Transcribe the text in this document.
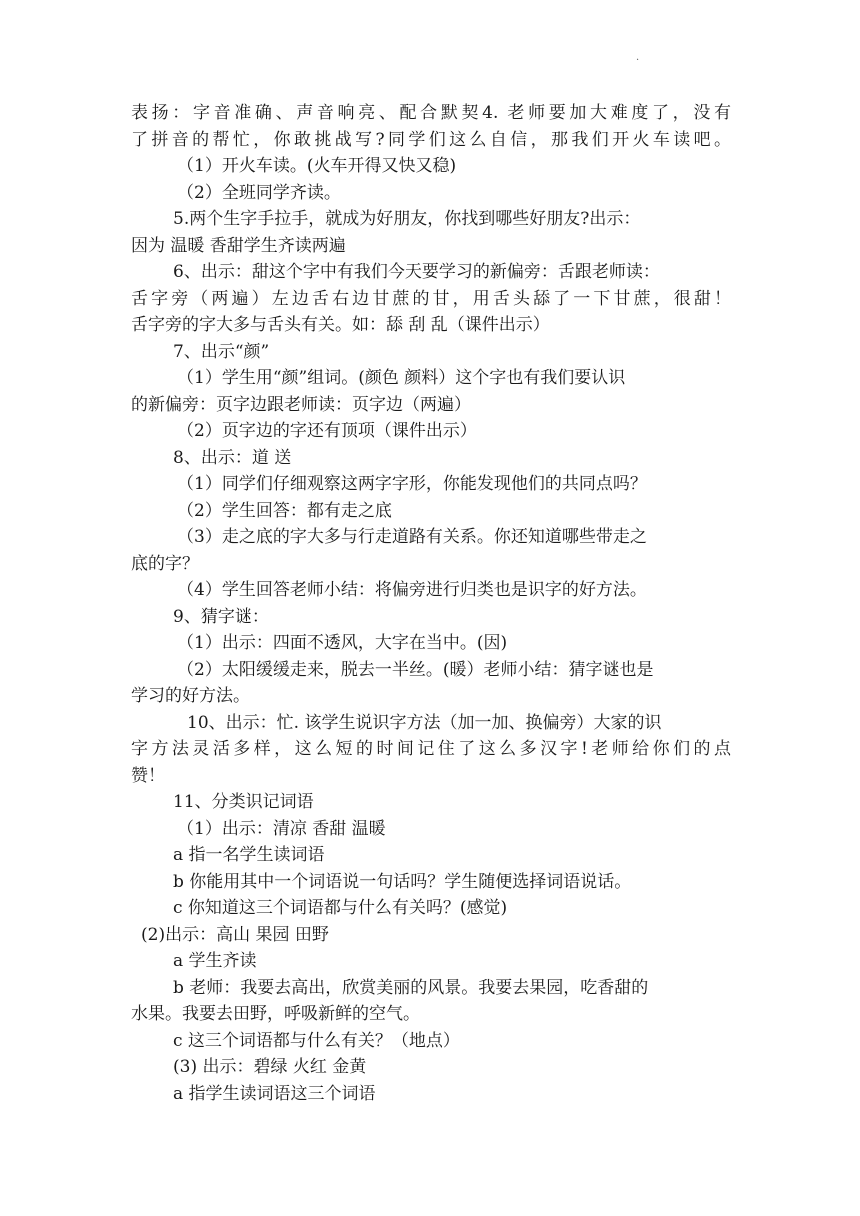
·
表扬：字音准确、声音响亮、配合默契4. 老师要加大难度了，没有
了拼音的帮忙，你敢挑战写?同学们这么自信，那我们开火车读吧。
（1）开火车读。(火车开得又快又稳)
（2）全班同学齐读。
5.两个生字手拉手，就成为好朋友，你找到哪些好朋友?出示：
因为 温暖 香甜学生齐读两遍
6、出示：甜这个字中有我们今天要学习的新偏旁：舌跟老师读：
舌字旁（两遍）左边舌右边甘蔗的甘，用舌头舔了一下甘蔗，很甜！
舌字旁的字大多与舌头有关。如：舔 刮 乱（课件出示）
7、出示“颜”
（1）学生用“颜”组词。(颜色 颜料）这个字也有我们要认识
的新偏旁：页字边跟老师读：页字边（两遍）
（2）页字边的字还有顶项（课件出示）
8、出示：道 送
（1）同学们仔细观察这两字字形，你能发现他们的共同点吗？
（2）学生回答：都有走之底
（3）走之底的字大多与行走道路有关系。你还知道哪些带走之
底的字？
（4）学生回答老师小结：将偏旁进行归类也是识字的好方法。
9、猜字谜：
（1）出示：四面不透风，大字在当中。(因)
（2）太阳缓缓走来，脱去一半丝。(暖）老师小结：猜字谜也是
学习的好方法。
10、出示：忙. 该学生说识字方法（加一加、换偏旁）大家的识
字方法灵活多样，这么短的时间记住了这么多汉字!老师给你们的点
赞！
11、分类识记词语
（1）出示：清凉 香甜 温暖
a 指一名学生读词语
b 你能用其中一个词语说一句话吗？学生随便选择词语说话。
c 你知道这三个词语都与什么有关吗？(感觉)
(2)出示：高山 果园 田野
a 学生齐读
b 老师：我要去高出，欣赏美丽的风景。我要去果园，吃香甜的
水果。我要去田野，呼吸新鲜的空气。
c 这三个词语都与什么有关？（地点）
(3) 出示：碧绿 火红 金黄
a 指学生读词语这三个词语
